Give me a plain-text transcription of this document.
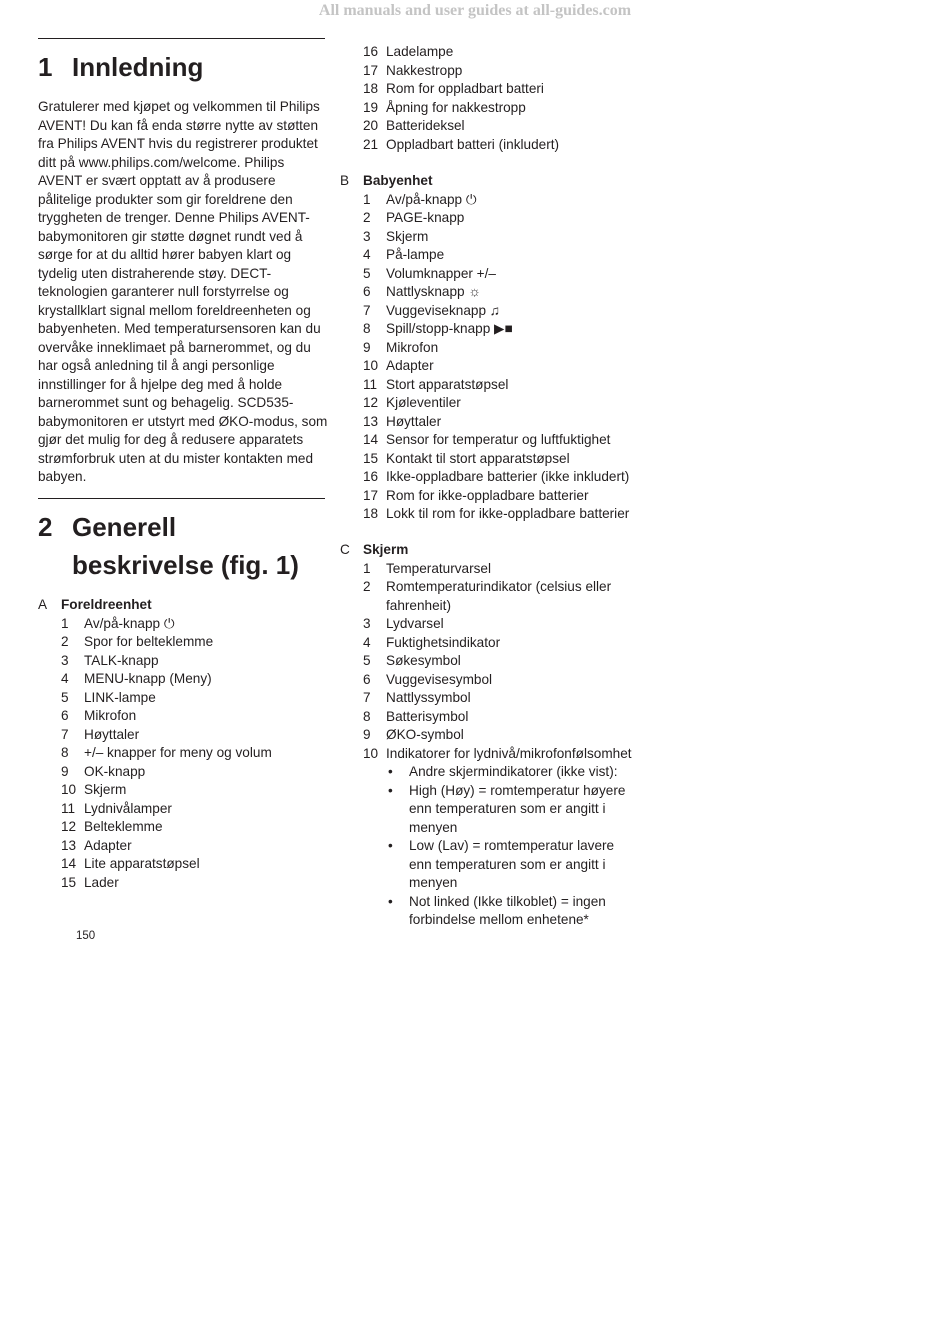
All manuals and user guides at all-guides.com
1 Innledning

Gratulerer med kjøpet og velkommen til Philips AVENT! Du kan få enda større nytte av støtten fra Philips AVENT hvis du registrerer produktet ditt på www.philips.com/welcome. Philips AVENT er svært opptatt av å produsere pålitelige produkter som gir foreldrene den tryggheten de trenger. Denne Philips AVENT-babymonitoren gir støtte døgnet rundt ved å sørge for at du alltid hører babyen klart og tydelig uten distraherende støy. DECT-teknologien garanterer null forstyrrelse og krystallklart signal mellom foreldreenheten og babyenheten. Med temperatursensoren kan du overvåke inneklimaet på barnerommet, og du har også anledning til å angi personlige innstillinger for å hjelpe deg med å holde barnerommet sunt og behagelig. SCD535-babymonitoren er utstyrt med ØKO-modus, som gjør det mulig for deg å redusere apparatets strømforbruk uten at du mister kontakten med babyen.

2 Generell
beskrivelse (fig. 1)
A Foreldreenhet
1 Av/på-knapp ⏻
2 Spor for belteklemme
3 TALK-knapp
4 MENU-knapp (Meny)
5 LINK-lampe
6 Mikrofon
7 Høyttaler
8 +/– knapper for meny og volum
9 OK-knapp
10 Skjerm
11 Lydnivålamper
12 Belteklemme
13 Adapter
14 Lite apparatstøpsel
15 Lader
150
16 Ladelampe
17 Nakkestropp
18 Rom for oppladbart batteri
19 Åpning for nakkestropp
20 Batterideksel
21 Oppladbart batteri (inkludert)
B Babyenhet
1 Av/på-knapp ⏻
2 PAGE-knapp
3 Skjerm
4 På-lampe
5 Volumknapper +/–
6 Nattlysknapp ☼
7 Vuggeviseknapp ♫
8 Spill/stopp-knapp ▶■
9 Mikrofon
10 Adapter
11 Stort apparatstøpsel
12 Kjøleventiler
13 Høyttaler
14 Sensor for temperatur og luftfuktighet
15 Kontakt til stort apparatstøpsel
16 Ikke-oppladbare batterier (ikke inkludert)
17 Rom for ikke-oppladbare batterier
18 Lokk til rom for ikke-oppladbare batterier
C Skjerm
1 Temperaturvarsel
2 Romtemperaturindikator (celsius eller
fahrenheit)
3 Lydvarsel
4 Fuktighetsindikator
5 Søkesymbol
6 Vuggevisesymbol
7 Nattlyssymbol
8 Batterisymbol
9 ØKO-symbol
10 Indikatorer for lydnivå/mikrofonfølsomhet
• Andre skjermindikatorer (ikke vist):
• High (Høy) = romtemperatur høyere
enn temperaturen som er angitt i
menyen
• Low (Lav) = romtemperatur lavere
enn temperaturen som er angitt i
menyen
• Not linked (Ikke tilkoblet) = ingen
forbindelse mellom enhetene*
